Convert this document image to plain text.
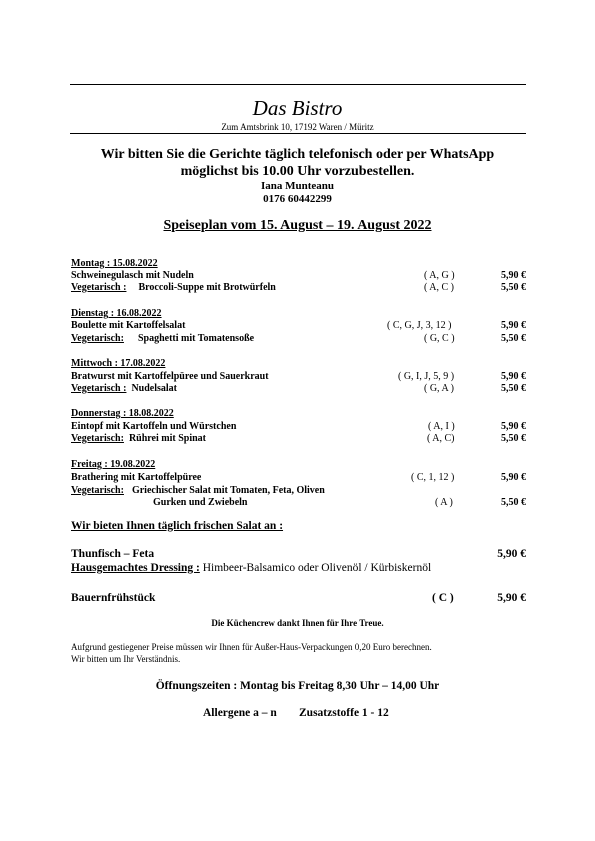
Das Bistro
Zum Amtsbrink 10, 17192 Waren / Müritz
Wir bitten Sie die Gerichte täglich telefonisch oder per WhatsApp
möglichst bis 10.00 Uhr vorzubestellen.
Iana Munteanu
0176 60442299
Speiseplan vom 15. August – 19. August 2022
Montag : 15.08.2022
Schweinegulasch mit Nudeln	( A, G )	5,90 €
Vegetarisch : Broccoli-Suppe mit Brotwürfeln	( A, C )	5,50 €
Dienstag : 16.08.2022
Boulette mit Kartoffelsalat	( C, G, J, 3, 12 )	5,90 €
Vegetarisch: Spaghetti mit Tomatensoße	( G, C )	5,50 €
Mittwoch : 17.08.2022
Bratwurst mit Kartoffelpüree und Sauerkraut	( G, I, J, 5, 9 )	5,90 €
Vegetarisch : Nudelsalat	( G, A )	5,50 €
Donnerstag : 18.08.2022
Eintopf mit Kartoffeln und Würstchen	( A, I )	5,90 €
Vegetarisch: Rührei mit Spinat	( A, C)	5,50 €
Freitag : 19.08.2022
Brathering mit Kartoffelpüree	( C, 1, 12 )	5,90 €
Vegetarisch: Griechischer Salat mit Tomaten, Feta, Oliven
Gurken und Zwiebeln	( A )	5,50 €
Wir bieten Ihnen täglich frischen Salat an :
Thunfisch – Feta	5,90 €
Hausgemachtes Dressing : Himbeer-Balsamico oder Olivenöl / Kürbiskernöl
Bauernfrühstück	( C )	5,90 €
Die Küchencrew dankt Ihnen für Ihre Treue.
Aufgrund gestiegener Preise müssen wir Ihnen für Außer-Haus-Verpackungen 0,20 Euro berechnen.
Wir bitten um Ihr Verständnis.
Öffnungszeiten : Montag bis Freitag 8,30 Uhr – 14,00 Uhr
Allergene a – n Zusatzstoffe 1 - 12
